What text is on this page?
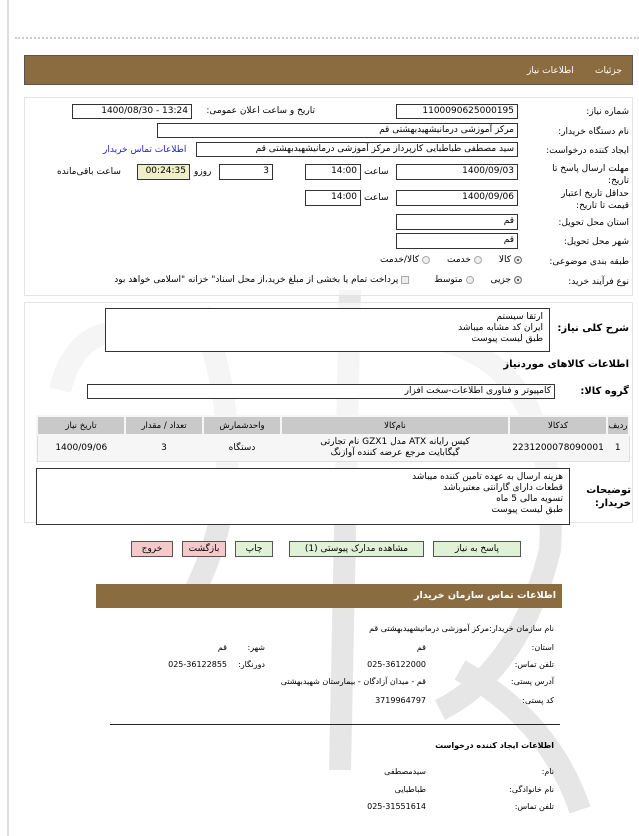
جزئیات
اطلاعات نیاز
شماره نیاز:
1100090625000195
تاریخ و ساعت اعلان عمومی:
1400/08/30 - 13:24
نام دستگاه خریدار:
مرکز آموزشی درمانیشهیدبهشتی قم
ایجاد کننده درخواست:
سید مصطفی طباطبایی کارپرداز مرکز آموزشی درمانیشهیدبهشتی قم
اطلاعات تماس خریدار
مهلت ارسال پاسخ تا تاریخ:
1400/09/03
ساعت
14:00
3
روزو
00:24:35
ساعت باقی‌مانده
حداقل تاریخ اعتبار قیمت تا تاریخ:
1400/09/06
ساعت
14:00
استان محل تحویل:
قم
شهر محل تحویل:
قم
طبقه بندی موضوعی:
کالا خدمت کالا/خدمت
نوع فرآیند خرید:
جزیی متوسط پرداخت تمام یا بخشی از مبلغ خرید،از محل اسناد" خزانه "اسلامی خواهد بود
شرح کلی نیاز:
ارتقا سیستم
ایران کد مشابه میباشد
طبق لیست پیوست
اطلاعات کالاهای موردنیاز
گروه کالا:
کامپیوتر و فناوری اطلاعات-سخت افزار
ردیف	کدکالا	نام‌کالا	واحدشمارش	تعداد / مقدار	تاریخ نیاز
1	2231200078090001	کیس رایانه ATX مدل GZX1 نام تجارتی گیگابایت مرجع عرضه کننده آوازنگ	دستگاه	3	1400/09/06
توضیحات خریدار:
هزینه ارسال به عهده تامین کننده میباشد
قطعات دارای گارانتی معتبرباشد
تسویه مالی 5 ماه
طبق لیست پیوست
پاسخ به نیاز
مشاهده مدارک پیوستی (1)
چاپ
بازگشت
خروج
اطلاعات تماس سازمان خریدار
نام سازمان خریدار:
مرکز آموزشی درمانیشهیدبهشتی قم
استان:
قم
شهر:
قم
تلفن تماس:
025-36122000
دورنگار:
025-36122855
آدرس پستی:
قم - میدان آزادگان - بیمارستان شهیدبهشتی
کد پستی:
3719964797
اطلاعات ایجاد کننده درخواست
نام:
سیدمصطفی
نام خانوادگی:
طباطبایی
تلفن تماس:
025-31551614
